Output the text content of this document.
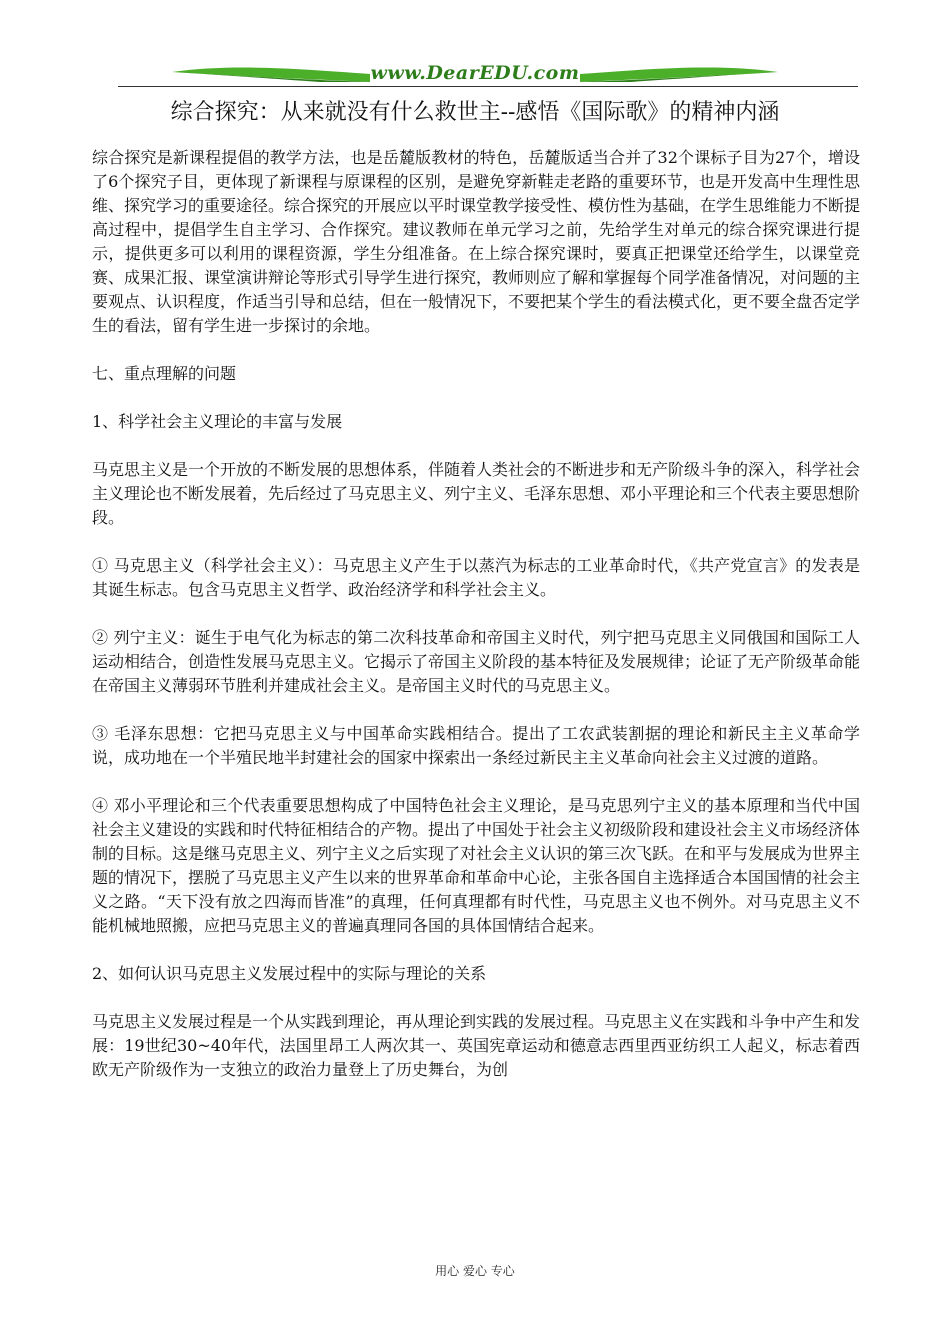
www.DearEDU.com
综合探究：从来就没有什么救世主--感悟《国际歌》的精神内涵

综合探究是新课程提倡的教学方法，也是岳麓版教材的特色，岳麓版适当合并了32个课标子目为27个，增设了6个探究子目，更体现了新课程与原课程的区别，是避免穿新鞋走老路的重要环节，也是开发高中生理性思维、探究学习的重要途径。综合探究的开展应以平时课堂教学接受性、模仿性为基础，在学生思维能力不断提高过程中，提倡学生自主学习、合作探究。建议教师在单元学习之前，先给学生对单元的综合探究课进行提示，提供更多可以利用的课程资源，学生分组准备。在上综合探究课时，要真正把课堂还给学生，以课堂竞赛、成果汇报、课堂演讲辩论等形式引导学生进行探究，教师则应了解和掌握每个同学准备情况，对问题的主要观点、认识程度，作适当引导和总结，但在一般情况下，不要把某个学生的看法模式化，更不要全盘否定学生的看法，留有学生进一步探讨的余地。

七、重点理解的问题

1、科学社会主义理论的丰富与发展

马克思主义是一个开放的不断发展的思想体系，伴随着人类社会的不断进步和无产阶级斗争的深入，科学社会主义理论也不断发展着，先后经过了马克思主义、列宁主义、毛泽东思想、邓小平理论和三个代表主要思想阶段。

① 马克思主义（科学社会主义）：马克思主义产生于以蒸汽为标志的工业革命时代，《共产党宣言》的发表是其诞生标志。包含马克思主义哲学、政治经济学和科学社会主义。

② 列宁主义：诞生于电气化为标志的第二次科技革命和帝国主义时代，列宁把马克思主义同俄国和国际工人运动相结合，创造性发展马克思主义。它揭示了帝国主义阶段的基本特征及发展规律；论证了无产阶级革命能在帝国主义薄弱环节胜利并建成社会主义。是帝国主义时代的马克思主义。

③ 毛泽东思想：它把马克思主义与中国革命实践相结合。提出了工农武装割据的理论和新民主主义革命学说，成功地在一个半殖民地半封建社会的国家中探索出一条经过新民主主义革命向社会主义过渡的道路。

④ 邓小平理论和三个代表重要思想构成了中国特色社会主义理论，是马克思列宁主义的基本原理和当代中国社会主义建设的实践和时代特征相结合的产物。提出了中国处于社会主义初级阶段和建设社会主义市场经济体制的目标。这是继马克思主义、列宁主义之后实现了对社会主义认识的第三次飞跃。在和平与发展成为世界主题的情况下，摆脱了马克思主义产生以来的世界革命和革命中心论，主张各国自主选择适合本国国情的社会主义之路。“天下没有放之四海而皆准”的真理，任何真理都有时代性，马克思主义也不例外。对马克思主义不能机械地照搬，应把马克思主义的普遍真理同各国的具体国情结合起来。

2、如何认识马克思主义发展过程中的实际与理论的关系

马克思主义发展过程是一个从实践到理论，再从理论到实践的发展过程。马克思主义在实践和斗争中产生和发展：19世纪30~40年代，法国里昂工人两次其一、英国宪章运动和德意志西里西亚纺织工人起义，标志着西欧无产阶级作为一支独立的政治力量登上了历史舞台，为创

用心 爱心 专心
